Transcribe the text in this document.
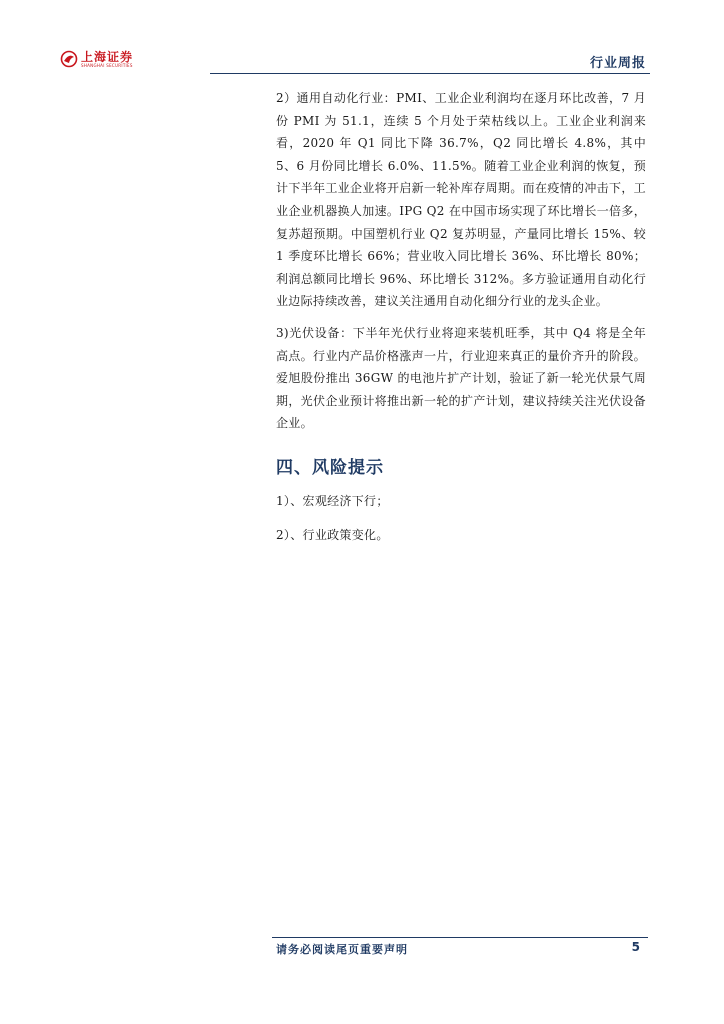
上海证券
SHANGHAI SECURITIES	行业周报

2）通用自动化行业：PMI、工业企业利润均在逐月环比改善，7 月份 PMI 为 51.1，连续 5 个月处于荣枯线以上。工业企业利润来看，2020 年 Q1 同比下降 36.7%，Q2 同比增长 4.8%，其中 5、6 月份同比增长 6.0%、11.5%。随着工业企业利润的恢复，预计下半年工业企业将开启新一轮补库存周期。而在疫情的冲击下，工业企业机器换人加速。IPG Q2 在中国市场实现了环比增长一倍多，复苏超预期。中国塑机行业 Q2 复苏明显，产量同比增长 15%、较 1 季度环比增长 66%；营业收入同比增长 36%、环比增长 80%；利润总额同比增长 96%、环比增长 312%。多方验证通用自动化行业边际持续改善，建议关注通用自动化细分行业的龙头企业。

3)光伏设备：下半年光伏行业将迎来装机旺季，其中 Q4 将是全年高点。行业内产品价格涨声一片，行业迎来真正的量价齐升的阶段。爱旭股份推出 36GW 的电池片扩产计划，验证了新一轮光伏景气周期，光伏企业预计将推出新一轮的扩产计划，建议持续关注光伏设备企业。

四、风险提示
1）、宏观经济下行；
2）、行业政策变化。
请务必阅读尾页重要声明	5
